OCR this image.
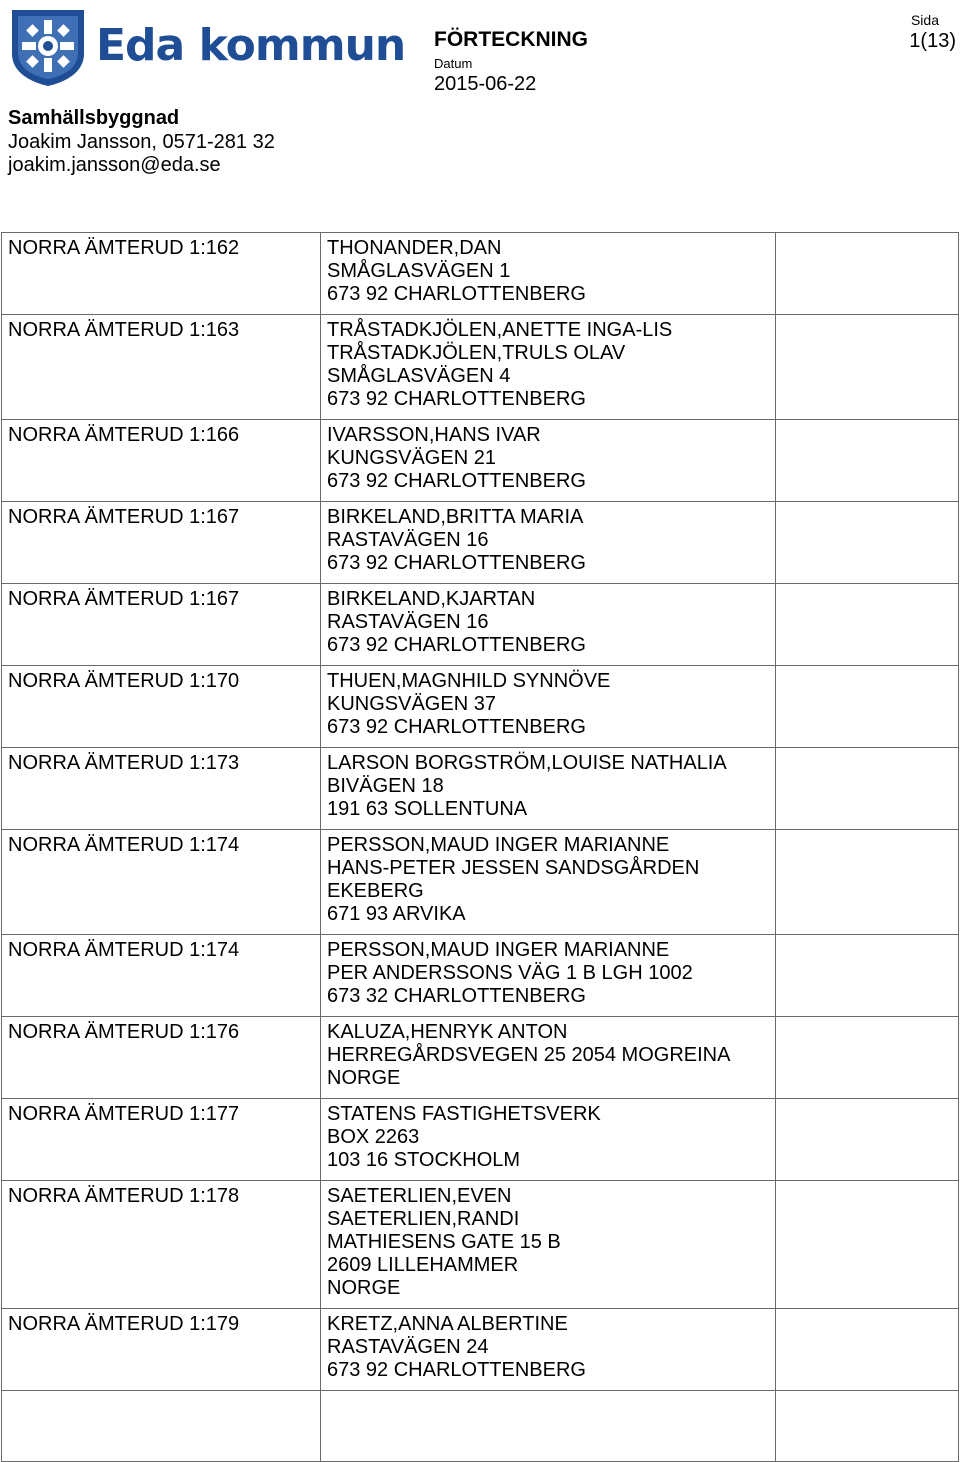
Eda kommun FÖRTECKNING
Datum
2015-06-22
Sida
1(13)
Samhällsbyggnad
Joakim Jansson, 0571-281 32
joakim.jansson@eda.se
NORRA ÄMTERUD 1:162	THONANDER,DAN
SMÅGLASVÄGEN 1
673 92 CHARLOTTENBERG	

NORRA ÄMTERUD 1:163	TRÅSTADKJÖLEN,ANETTE INGA-LIS
TRÅSTADKJÖLEN,TRULS OLAV
SMÅGLASVÄGEN 4
673 92 CHARLOTTENBERG	

NORRA ÄMTERUD 1:166	IVARSSON,HANS IVAR
KUNGSVÄGEN 21
673 92 CHARLOTTENBERG	

NORRA ÄMTERUD 1:167	BIRKELAND,BRITTA MARIA
RASTAVÄGEN 16
673 92 CHARLOTTENBERG	

NORRA ÄMTERUD 1:167	BIRKELAND,KJARTAN
RASTAVÄGEN 16
673 92 CHARLOTTENBERG	

NORRA ÄMTERUD 1:170	THUEN,MAGNHILD SYNNÖVE
KUNGSVÄGEN 37
673 92 CHARLOTTENBERG	

NORRA ÄMTERUD 1:173	LARSON BORGSTRÖM,LOUISE NATHALIA
BIVÄGEN 18
191 63 SOLLENTUNA	

NORRA ÄMTERUD 1:174	PERSSON,MAUD INGER MARIANNE
HANS-PETER JESSEN SANDSGÅRDEN
EKEBERG
671 93 ARVIKA	

NORRA ÄMTERUD 1:174	PERSSON,MAUD INGER MARIANNE
PER ANDERSSONS VÄG 1 B LGH 1002
673 32 CHARLOTTENBERG	

NORRA ÄMTERUD 1:176	KALUZA,HENRYK ANTON
HERREGÅRDSVEGEN 25 2054 MOGREINA
NORGE	

NORRA ÄMTERUD 1:177	STATENS FASTIGHETSVERK
BOX 2263
103 16 STOCKHOLM	

NORRA ÄMTERUD 1:178	SAETERLIEN,EVEN
SAETERLIEN,RANDI
MATHIESENS GATE 15 B
2609 LILLEHAMMER
NORGE	

NORRA ÄMTERUD 1:179	KRETZ,ANNA ALBERTINE
RASTAVÄGEN 24
673 92 CHARLOTTENBERG	
